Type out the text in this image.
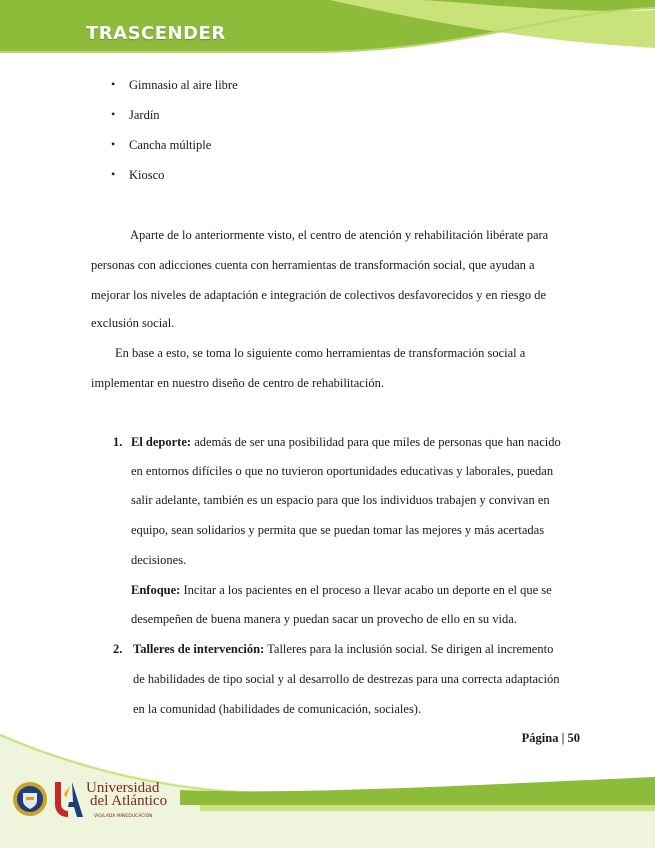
TRASCENDER
• Gimnasio al aire libre
• Jardín
• Cancha múltiple
• Kiosco
Aparte de lo anteriormente visto, el centro de atención y rehabilitación libérate para
personas con adicciones cuenta con herramientas de transformación social, que ayudan a
mejorar los niveles de adaptación e integración de colectivos desfavorecidos y en riesgo de
exclusión social.
En base a esto, se toma lo siguiente como herramientas de transformación social a
implementar en nuestro diseño de centro de rehabilitación.
1. El deporte: además de ser una posibilidad para que miles de personas que han nacido
en entornos difíciles o que no tuvieron oportunidades educativas y laborales, puedan
salir adelante, también es un espacio para que los individuos trabajen y convivan en
equipo, sean solidarios y permita que se puedan tomar las mejores y más acertadas
decisiones.
Enfoque: Incitar a los pacientes en el proceso a llevar acabo un deporte en el que se
desempeñen de buena manera y puedan sacar un provecho de ello en su vida.
2. Talleres de intervención: Talleres para la inclusión social. Se dirigen al incremento
de habilidades de tipo social y al desarrollo de destrezas para una correcta adaptación
en la comunidad (habilidades de comunicación, sociales).
Página | 50
Universidad
del Atlántico
VIGILADA MINEDUCACIÓN
